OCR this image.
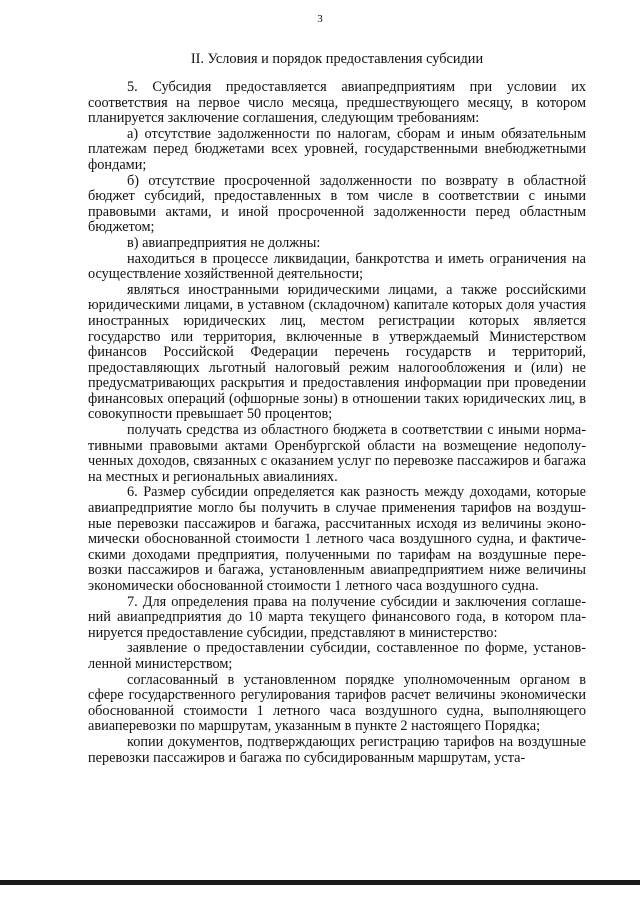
3
II. Условия и порядок предоставления субсидии

5. Субсидия предоставляется авиапредприятиям при условии их соответствия на первое число месяца, предшествующего месяцу, в котором планируется заключение соглашения, следующим требованиям:

а) отсутствие задолженности по налогам, сборам и иным обязательным платежам перед бюджетами всех уровней, государственными внебюджетными фондами;

б) отсутствие просроченной задолженности по возврату в областной бюджет субсидий, предоставленных в том числе в соответствии с иными правовыми актами, и иной просроченной задолженности перед областным бюджетом;

в) авиапредприятия не должны:

находиться в процессе ликвидации, банкротства и иметь ограничения на осуществление хозяйственной деятельности;

являться иностранными юридическими лицами, а также российскими юридическими лицами, в уставном (складочном) капитале которых доля участия иностранных юридических лиц, местом регистрации которых является государство или территория, включенные в утверждаемый Министерством финансов Российской Федерации перечень государств и территорий, предоставляющих льготный налоговый режим налогообложения и (или) не предусматривающих раскрытия и предоставления информации при проведении финансовых операций (офшорные зоны) в отношении таких юридических лиц, в совокупности превышает 50 процентов;

получать средства из областного бюджета в соответствии с иными нормативными правовыми актами Оренбургской области на возмещение недополученных доходов, связанных с оказанием услуг по перевозке пассажиров и багажа на местных и региональных авиалиниях.

6. Размер субсидии определяется как разность между доходами, которые авиапредприятие могло бы получить в случае применения тарифов на воздушные перевозки пассажиров и багажа, рассчитанных исходя из величины экономически обоснованной стоимости 1 летного часа воздушного судна, и фактическими доходами предприятия, полученными по тарифам на воздушные перевозки пассажиров и багажа, установленным авиапредприятием ниже величины экономически обоснованной стоимости 1 летного часа воздушного судна.

7. Для определения права на получение субсидии и заключения соглашений авиапредприятия до 10 марта текущего финансового года, в котором планируется предоставление субсидии, представляют в министерство:

заявление о предоставлении субсидии, составленное по форме, установленной министерством;

согласованный в установленном порядке уполномоченным органом в сфере государственного регулирования тарифов расчет величины экономически обоснованной стоимости 1 летного часа воздушного судна, выполняющего авиаперевозки по маршрутам, указанным в пункте 2 настоящего Порядка;

копии документов, подтверждающих регистрацию тарифов на воздушные перевозки пассажиров и багажа по субсидированным маршрутам, уста-
